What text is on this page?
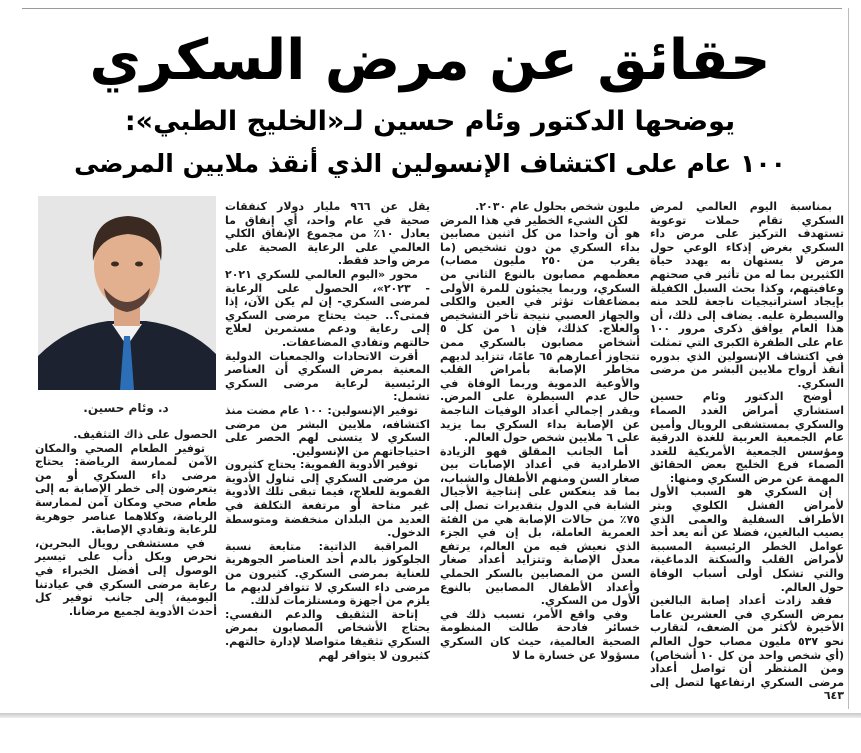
حقائق عن مرض السكري
يوضحها الدكتور وئام حسين لـ«الخليج الطبي»:
١٠٠ عام على اكتشاف الإنسولين الذي أنقذ ملايين المرضى
د. وئام حسين.

بمناسبة اليوم العالمي لمرض السكري تقام حملات توعوية تستهدف التركيز على مرض داء السكري بغرض إذكاء الوعي حول مرض لا يستهان به يهدد حياة الكثيرين بما له من تأثير في صحتهم وعافيتهم، وكذا بحث السبل الكفيلة بإيجاد استراتيجيات ناجعة للحد منه والسيطرة عليه. يضاف إلى ذلك، أن هذا العام يوافق ذكرى مرور ١٠٠ عام على الطفرة الكبرى التي تمثلت في اكتشاف الإنسولين الذي بدوره أنقذ أرواح ملايين البشر من مرضى السكري.

أوضح الدكتور وئام حسين استشاري أمراض الغدد الصماء والسكري بمستشفى الرويال وأمين عام الجمعية العربية للغدة الدرقية ومؤسس الجمعية الأمريكية للغدد الصماء فرع الخليج بعض الحقائق المهمة عن مرض السكري ومنها:

إن السكري هو السبب الأول لأمراض الفشل الكلوي وبتر الأطراف السفلية والعمى الذي يصيب البالغين، فضلا عن أنه يعد أحد عوامل الخطر الرئيسية المسببة لأمراض القلب والسكتة الدماغية، والتي تشكل أولى أسباب الوفاة حول العالم.

فقد زادت أعداد إصابة البالغين بمرض السكري في العشرين عاما الأخيرة لأكثر من الضعف، لتقارب نحو ٥٣٧ مليون مصاب حول العالم (أي شخص واحد من كل ١٠ أشخاص) ومن المنتظر أن تواصل أعداد مرضى السكري ارتفاعها لتصل إلى ٦٤٣

مليون شخص بحلول عام ٢٠٣٠.

لكن الشيء الخطير في هذا المرض هو أن واحدا من كل اثنين مصابين بداء السكري من دون تشخيص (ما يقرب من ٢٥٠ مليون مصاب) معظمهم مصابون بالنوع الثاني من السكري، وربما يجيئون للمرة الأولى بمضاعفات تؤثر في العين والكلى والجهاز العصبي نتيجة تأخر التشخيص والعلاج. كذلك، فإن ١ من كل ٥ أشخاص مصابون بالسكري ممن تتجاوز أعمارهم ٦٥ عامًا، تتزايد لديهم مخاطر الإصابة بأمراض القلب والأوعية الدموية وربما الوفاة في حال عدم السيطرة على المرض. ويقدر إجمالي أعداد الوفيات الناجمة عن الإصابة بداء السكري بما يزيد على ٦ ملايين شخص حول العالم.

أما الجانب المقلق فهو الزيادة الاطرادية في أعداد الإصابات بين صغار السن ومنهم الأطفال والشباب، بما قد ينعكس على إنتاجية الأجيال الشابة في الدول بتقديرات تصل إلى ٧٥٪ من حالات الإصابة هي من الفئة العمرية العاملة، بل إن في الجزء الذي نعيش فيه من العالم، يرتفع معدل الإصابة وتتزايد أعداد صغار السن من المصابين بالسكر الحملي وأعداد الأطفال المصابين بالنوع الأول من السكري.

وفي واقع الأمر، تسبب ذلك في خسائر فادحة طالت المنظومة الصحية العالمية، حيث كان السكري مسؤولا عن خسارة ما لا

يقل عن ٩٦٦ مليار دولار كنفقات صحية في عام واحد، أي إنفاق ما يعادل ١٠٪ من مجموع الإنفاق الكلي العالمي على الرعاية الصحية على مرض واحد فقط.

محور «اليوم العالمي للسكري ٢٠٢١ - ٢٠٢٣»، الحصول على الرعاية لمرضى السكري- إن لم يكن الآن، إذا فمتى؟.. حيث يحتاج مرضى السكري إلى رعاية ودعم مستمرين لعلاج حالتهم وتفادي المضاعفات.

أقرت الاتحادات والجمعيات الدولية المعنية بمرض السكري أن العناصر الرئيسية لرعاية مرضى السكري تشمل:

توفير الإنسولين: ١٠٠ عام مضت منذ اكتشافه، ملايين البشر من مرضى السكري لا يتسنى لهم الحصر على احتياجاتهم من الإنسولين.

توفير الأدوية الفموية: يحتاج كثيرون من مرضى السكري إلى تناول الأدوية الفموية للعلاج، فيما تبقى تلك الأدوية غير متاحة أو مرتفعة التكلفة في العديد من البلدان منخفضة ومتوسطة الدخول.

المراقبة الذاتية: متابعة نسبة الجلوكوز بالدم أحد العناصر الجوهرية للعناية بمرضى السكري. كثيرون من مرضى داء السكري لا تتوافر لديهم ما يلزم من أجهزة ومستلزمات لذلك.

إتاحة التثقيف والدعم النفسي: يحتاج الأشخاص المصابون بمرض السكري تثقيفا متواصلا لإدارة حالتهم. كثيرون لا يتوافر لهم

الحصول على ذاك التثقيف.

توفير الطعام الصحي والمكان الآمن لممارسة الرياضة: يحتاج مرضى داء السكري أو من يتعرضون إلى خطر الإصابة به إلى طعام صحي ومكان آمن لممارسة الرياضة، وكلاهما عناصر جوهرية للرعاية وتفادي الإصابة.

في مستشفى رويال البحرين، نحرص وبكل دأب على تيسير الوصول إلى أفضل الخبراء في رعاية مرضى السكري في عيادتنا اليومية، إلى جانب توفير كل أحدث الأدوية لجميع مرضانا.
